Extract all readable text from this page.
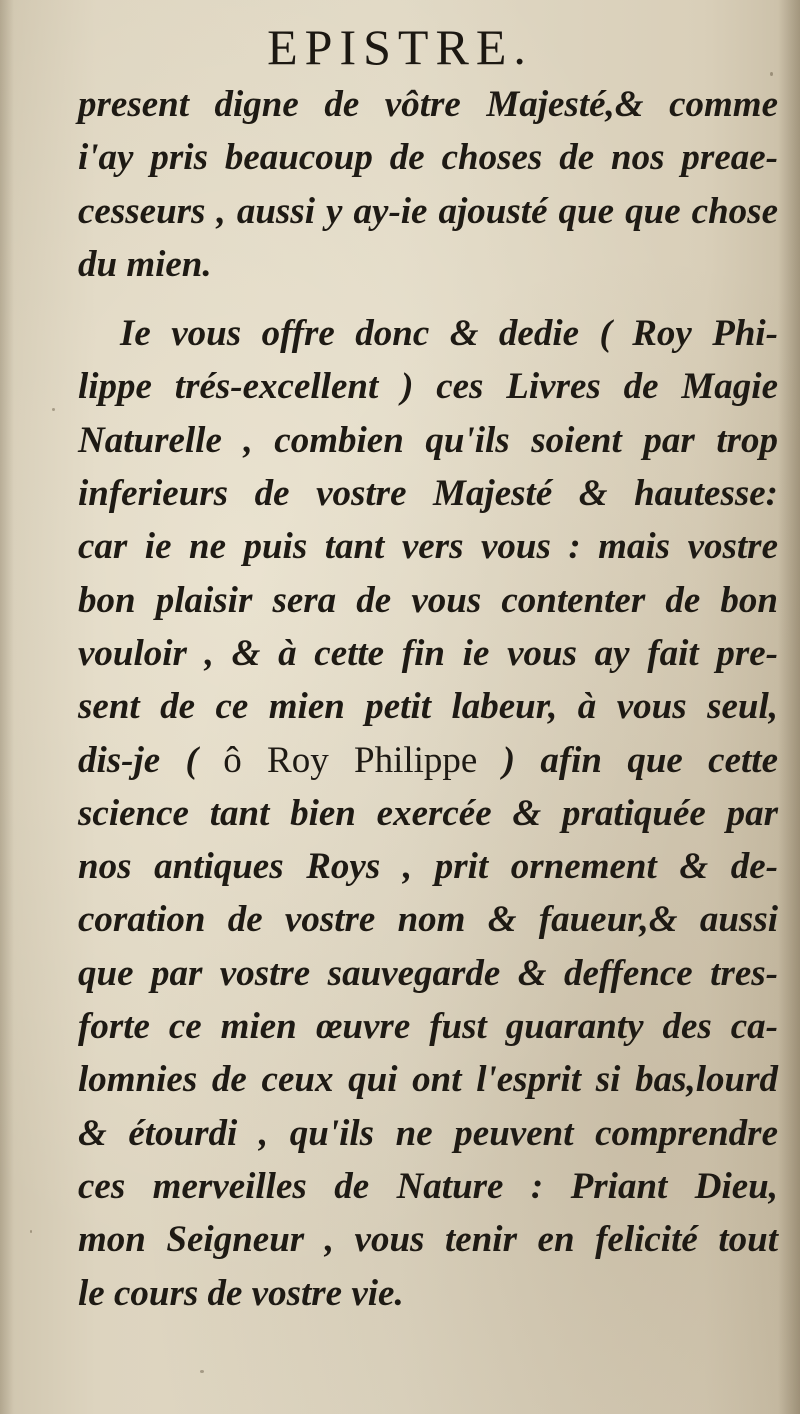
EPISTRE.
present digne de vôtre Majesté,& comme
i'ay pris beaucoup de choses de nos preae-
cesseurs , aussi y ay-ie ajousté que que chose
du mien.
Ie vous offre donc & dedie ( Roy Phi-
lippe trés-excellent ) ces Livres de Magie
Naturelle , combien qu'ils soient par trop
inferieurs de vostre Majesté & hautesse:
car ie ne puis tant vers vous : mais vostre
bon plaisir sera de vous contenter de bon
vouloir , & à cette fin ie vous ay fait pre-
sent de ce mien petit labeur, à vous seul,
dis-je ( ô Roy Philippe ) afin que cette
science tant bien exercée & pratiquée par
nos antiques Roys , prit ornement & de-
coration de vostre nom & faueur,& aussi
que par vostre sauvegarde & deffence tres-
forte ce mien œuvre fust guaranty des ca-
lomnies de ceux qui ont l'esprit si bas,lourd
& étourdi , qu'ils ne peuvent comprendre
ces merveilles de Nature : Priant Dieu,
mon Seigneur , vous tenir en felicité tout
le cours de vostre vie.
